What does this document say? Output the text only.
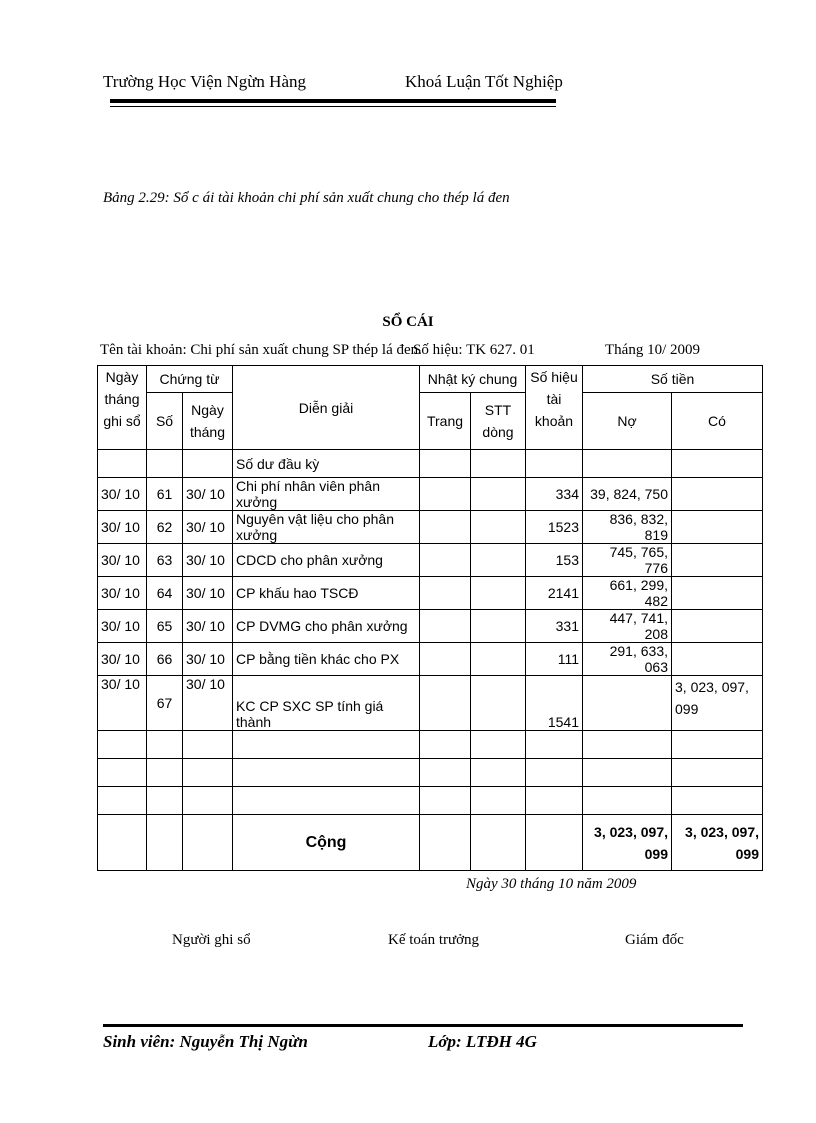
Trường Học Viện Ngừn Hàng	Khoá Luận Tốt Nghiệp
Bảng 2.29: Sổ c ái tài khoản chi phí sản xuất chung cho thép lá đen
SỔ CÁI
Tên tài khoản: Chi phí sản xuất chung SP thép lá đen.
Số hiệu: TK 627. 01	Tháng 10/ 2009
Ngày tháng ghi sổ	Chứng từ		Diễn giải	Nhật ký chung		Số hiệu tài khoản	Số tiền	
	Số	Ngày tháng		Trang	STT dòng		Nợ	Có
			Số dư đầu kỳ					
30/ 10	61	30/ 10	Chi phí nhân viên phân xưởng			334	39, 824, 750	
30/ 10	62	30/ 10	Nguyên vật liệu cho phân xưởng			1523	836, 832, 819	
30/ 10	63	30/ 10	CDCD cho phân xưởng			153	745, 765, 776	
30/ 10	64	30/ 10	CP khấu hao TSCĐ			2141	661, 299, 482	
30/ 10	65	30/ 10	CP DVMG cho phân xưởng			331	447, 741, 208	
30/ 10	66	30/ 10	CP bằng tiền khác cho PX			111	291, 633, 063	
30/ 10	67	30/ 10	KC CP SXC SP tính giá thành			1541		3, 023, 097, 099

			Cộng				3, 023, 097, 099	3, 023, 097, 099
Ngày 30 tháng 10 năm 2009
Người ghi sổ	Kế toán trưởng	Giám đốc
Sinh viên: Nguyễn Thị Ngừn	Lớp: LTĐH 4G
